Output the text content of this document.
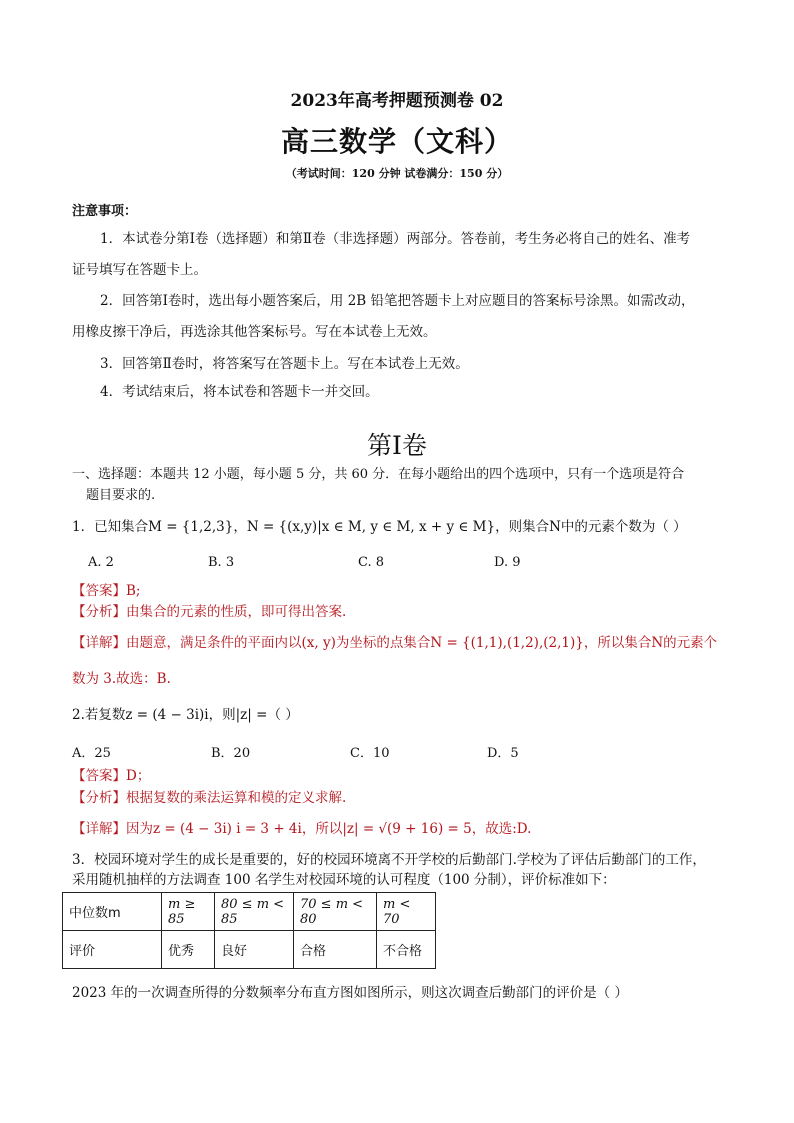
2023年高考押题预测卷 02
高三数学（文科）
（考试时间：120 分钟 试卷满分：150 分）
注意事项：
1．本试卷分第Ⅰ卷（选择题）和第Ⅱ卷（非选择题）两部分。答卷前，考生务必将自己的姓名、准考
证号填写在答题卡上。
2．回答第Ⅰ卷时，选出每小题答案后，用 2B 铅笔把答题卡上对应题目的答案标号涂黑。如需改动，
用橡皮擦干净后，再选涂其他答案标号。写在本试卷上无效。
3．回答第Ⅱ卷时，将答案写在答题卡上。写在本试卷上无效。
4．考试结束后，将本试卷和答题卡一并交回。
第Ⅰ卷
一、选择题：本题共 12 小题，每小题 5 分，共 60 分．在每小题给出的四个选项中，只有一个选项是符合
题目要求的.
1．已知集合M = {1,2,3}，N = {(x,y)|x ∈ M, y ∈ M, x + y ∈ M}，则集合N中的元素个数为（ ）
A. 2	B. 3	C. 8	D. 9
【答案】B;
【分析】由集合的元素的性质，即可得出答案.
【详解】由题意，满足条件的平面内以(x, y)为坐标的点集合N = {(1,1),(1,2),(2,1)}，所以集合N的元素个
数为 3.故选：B.
2.若复数z = (4 − 3i)i，则|z| =（ ）
A．25	B．20	C．10	D．5
【答案】D；
【分析】根据复数的乘法运算和模的定义求解.
【详解】因为z = (4 − 3i) i = 3 + 4i，所以|z| = √(9 + 16) = 5，故选:D.
3．校园环境对学生的成长是重要的，好的校园环境离不开学校的后勤部门.学校为了评估后勤部门的工作，
采用随机抽样的方法调查 100 名学生对校园环境的认可程度（100 分制），评价标准如下：
中位数m	m ≥ 85	80 ≤ m < 85	70 ≤ m < 80	m < 70
评价	优秀	良好	合格	不合格
2023 年的一次调查所得的分数频率分布直方图如图所示，则这次调查后勤部门的评价是（ ）
